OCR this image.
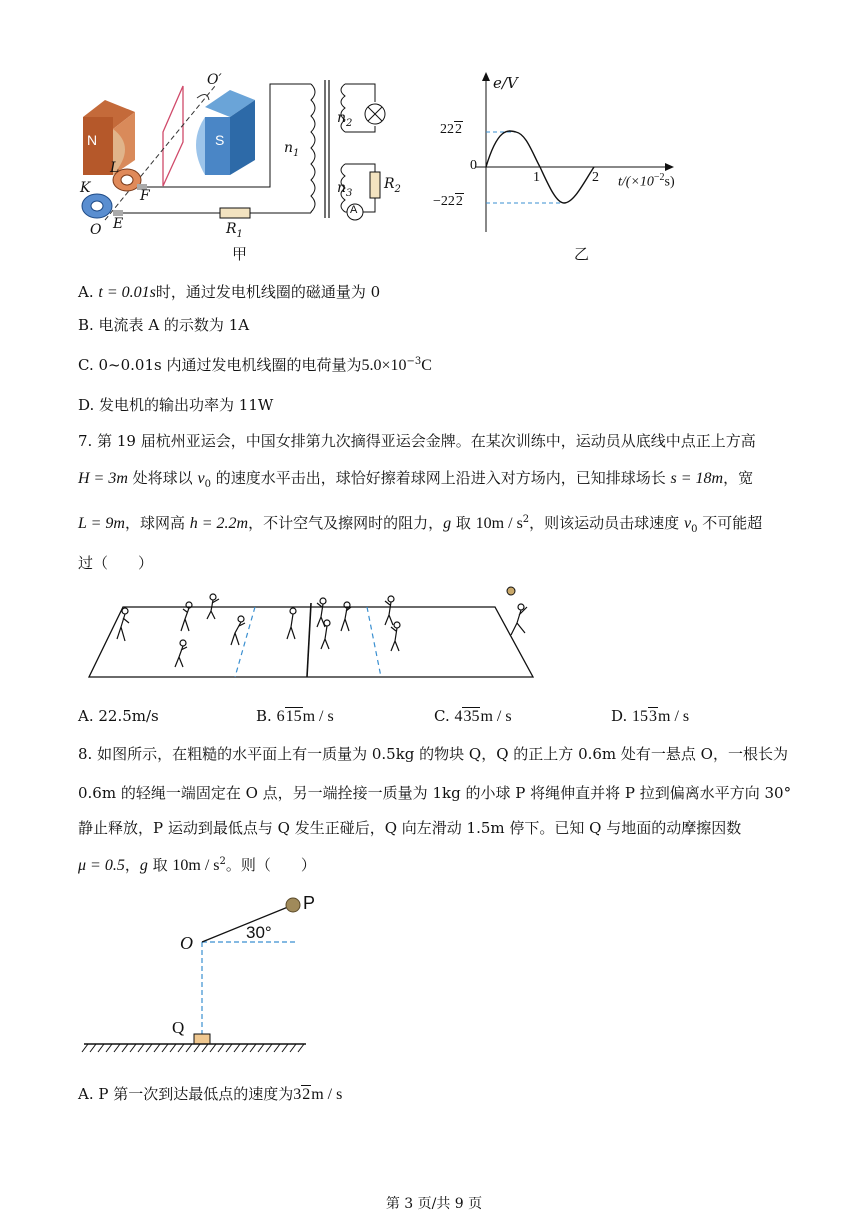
N	S
O′
L
F
K
O E	$R_1$
$n_1$
$n_2$
$n_3$
$R_2$
A
甲
e/V
222
0
−222
1	2 $t/(\times 10^{-2}s)$
乙
A. t = 0.01s时，通过发电机线圈的磁通量为 0
B. 电流表 A 的示数为 1A
C. 0~0.01s 内通过发电机线圈的电荷量为$5.0\times 10^{-3}C$
D. 发电机的输出功率为 11W
7. 第 19 届杭州亚运会，中国女排第九次摘得亚运会金牌。在某次训练中，运动员从底线中点正上方高
H = 3m 处将球以 $v_0$ 的速度水平击出，球恰好擦着球网上沿进入对方场内，已知排球场长 s = 18m，宽
L = 9m，球网高 h = 2.2m，不计空气及擦网时的阻力，g 取 $10m / s^2$，则该运动员击球速度 $v_0$ 不可能超
过（　　）
A. 22.5m/s	B. 615m / s	C. 435m / s	D. 153m / s
8. 如图所示，在粗糙的水平面上有一质量为 0.5kg 的物块 Q，Q 的正上方 0.6m 处有一悬点 O，一根长为
0.6m 的轻绳一端固定在 O 点，另一端拴接一质量为 1kg 的小球 P 将绳伸直并将 P 拉到偏离水平方向 30°
静止释放，P 运动到最低点与 Q 发生正碰后，Q 向左滑动 1.5m 停下。已知 Q 与地面的动摩擦因数
μ = 0.5，g 取 $10m / s^2$。则（　　）
P
O
30°
Q
A. P 第一次到达最低点的速度为32m / s
第 3 页/共 9 页
